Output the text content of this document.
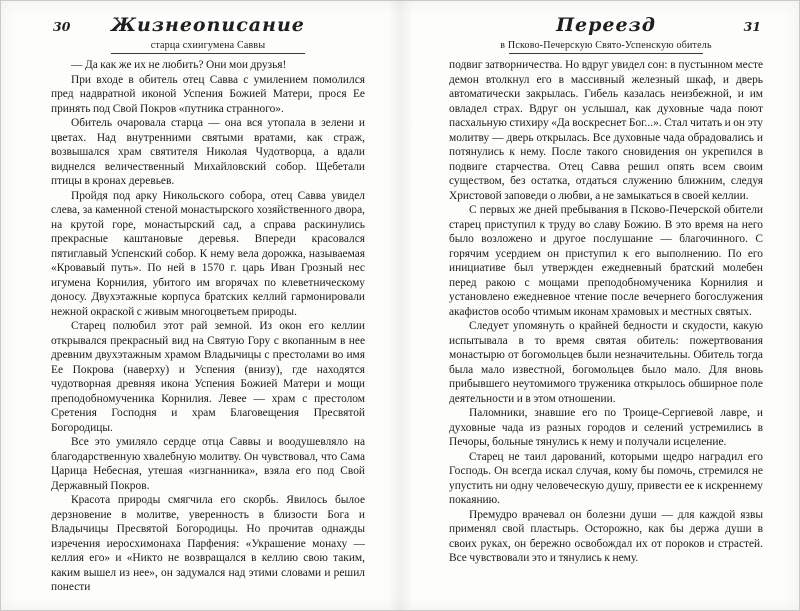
30	Жизнеописание
старца схиигумена Саввы

— Да как же их не любить? Они мои друзья!

При входе в обитель отец Савва с умилением помолился пред надвратной иконой Успения Божией Матери, прося Ее принять под Свой Покров «путника странного».

Обитель очаровала старца — она вся утопала в зелени и цветах. Над внутренними святыми вратами, как страж, возвышался храм святителя Николая Чудотворца, а вдали виднелся величественный Михайловский собор. Щебетали птицы в кронах деревьев.

Пройдя под арку Никольского собора, отец Савва увидел слева, за каменной стеной монастырского хозяйственного двора, на крутой горе, монастырский сад, а справа раскинулись прекрасные каштановые деревья. Впереди красовался пятиглавый Успенский собор. К нему вела дорожка, называемая «Кровавый путь». По ней в 1570 г. царь Иван Грозный нес игумена Корнилия, убитого им вгорячах по клеветническому доносу. Двухэтажные корпуса братских келлий гармонировали нежной окраской с живым многоцветьем природы.

Старец полюбил этот рай земной. Из окон его келлии открывался прекрасный вид на Святую Гору с вкопанным в нее древним двухэтажным храмом Владычицы с престолами во имя Ее Покрова (наверху) и Успения (внизу), где находятся чудотворная древняя икона Успения Божией Матери и мощи преподобномученика Корнилия. Левее — храм с престолом Сретения Господня и храм Благовещения Пресвятой Богородицы.

Все это умиляло сердце отца Саввы и воодушевляло на благодарственную хвалебную молитву. Он чувствовал, что Сама Царица Небесная, утешая «изгнанника», взяла его под Свой Державный Покров.

Красота природы смягчила его скорбь. Явилось былое дерзновение в молитве, уверенность в близости Бога и Владычицы Пресвятой Богородицы. Но прочитав однажды изречения иеросхимонаха Парфения: «Украшение монаху — келлия его» и «Никто не возвращался в келлию свою таким, каким вышел из нее», он задумался над этими словами и решил понести

31
Переезд
в Псково-Печерскую Свято-Успенскую обитель

подвиг затворничества. Но вдруг увидел сон: в пустынном месте демон втолкнул его в массивный железный шкаф, и дверь автоматически закрылась. Гибель казалась неизбежной, и им овладел страх. Вдруг он услышал, как духовные чада поют пасхальную стихиру «Да воскреснет Бог...». Стал читать и он эту молитву — дверь открылась. Все духовные чада обрадовались и потянулись к нему. После такого сновидения он укрепился в подвиге старчества. Отец Савва решил опять всем своим существом, без остатка, отдаться служению ближним, следуя Христовой заповеди о любви, а не замыкаться в своей келлии.

С первых же дней пребывания в Псково-Печерской обители старец приступил к труду во славу Божию. В это время на него было возложено и другое послушание — благочинного. С горячим усердием он приступил к его выполнению. По его инициативе был утвержден ежедневный братский молебен перед ракою с мощами преподобномученика Корнилия и установлено ежедневное чтение после вечернего богослужения акафистов особо чтимым иконам храмовых и местных святых.

Следует упомянуть о крайней бедности и скудости, какую испытывала в то время святая обитель: пожертвования монастырю от богомольцев были незначительны. Обитель тогда была мало известной, богомольцев было мало. Для вновь прибывшего неутомимого труженика открылось обширное поле деятельности и в этом отношении.

Паломники, знавшие его по Троице-Сергиевой лавре, и духовные чада из разных городов и селений устремились в Печоры, больные тянулись к нему и получали исцеление.

Старец не таил дарований, которыми щедро наградил его Господь. Он всегда искал случая, кому бы помочь, стремился не упустить ни одну человеческую душу, привести ее к искреннему покаянию.

Премудро врачевал он болезни души — для каждой язвы применял свой пластырь. Осторожно, как бы держа души в своих руках, он бережно освобождал их от пороков и страстей. Все чувствовали это и тянулись к нему.
